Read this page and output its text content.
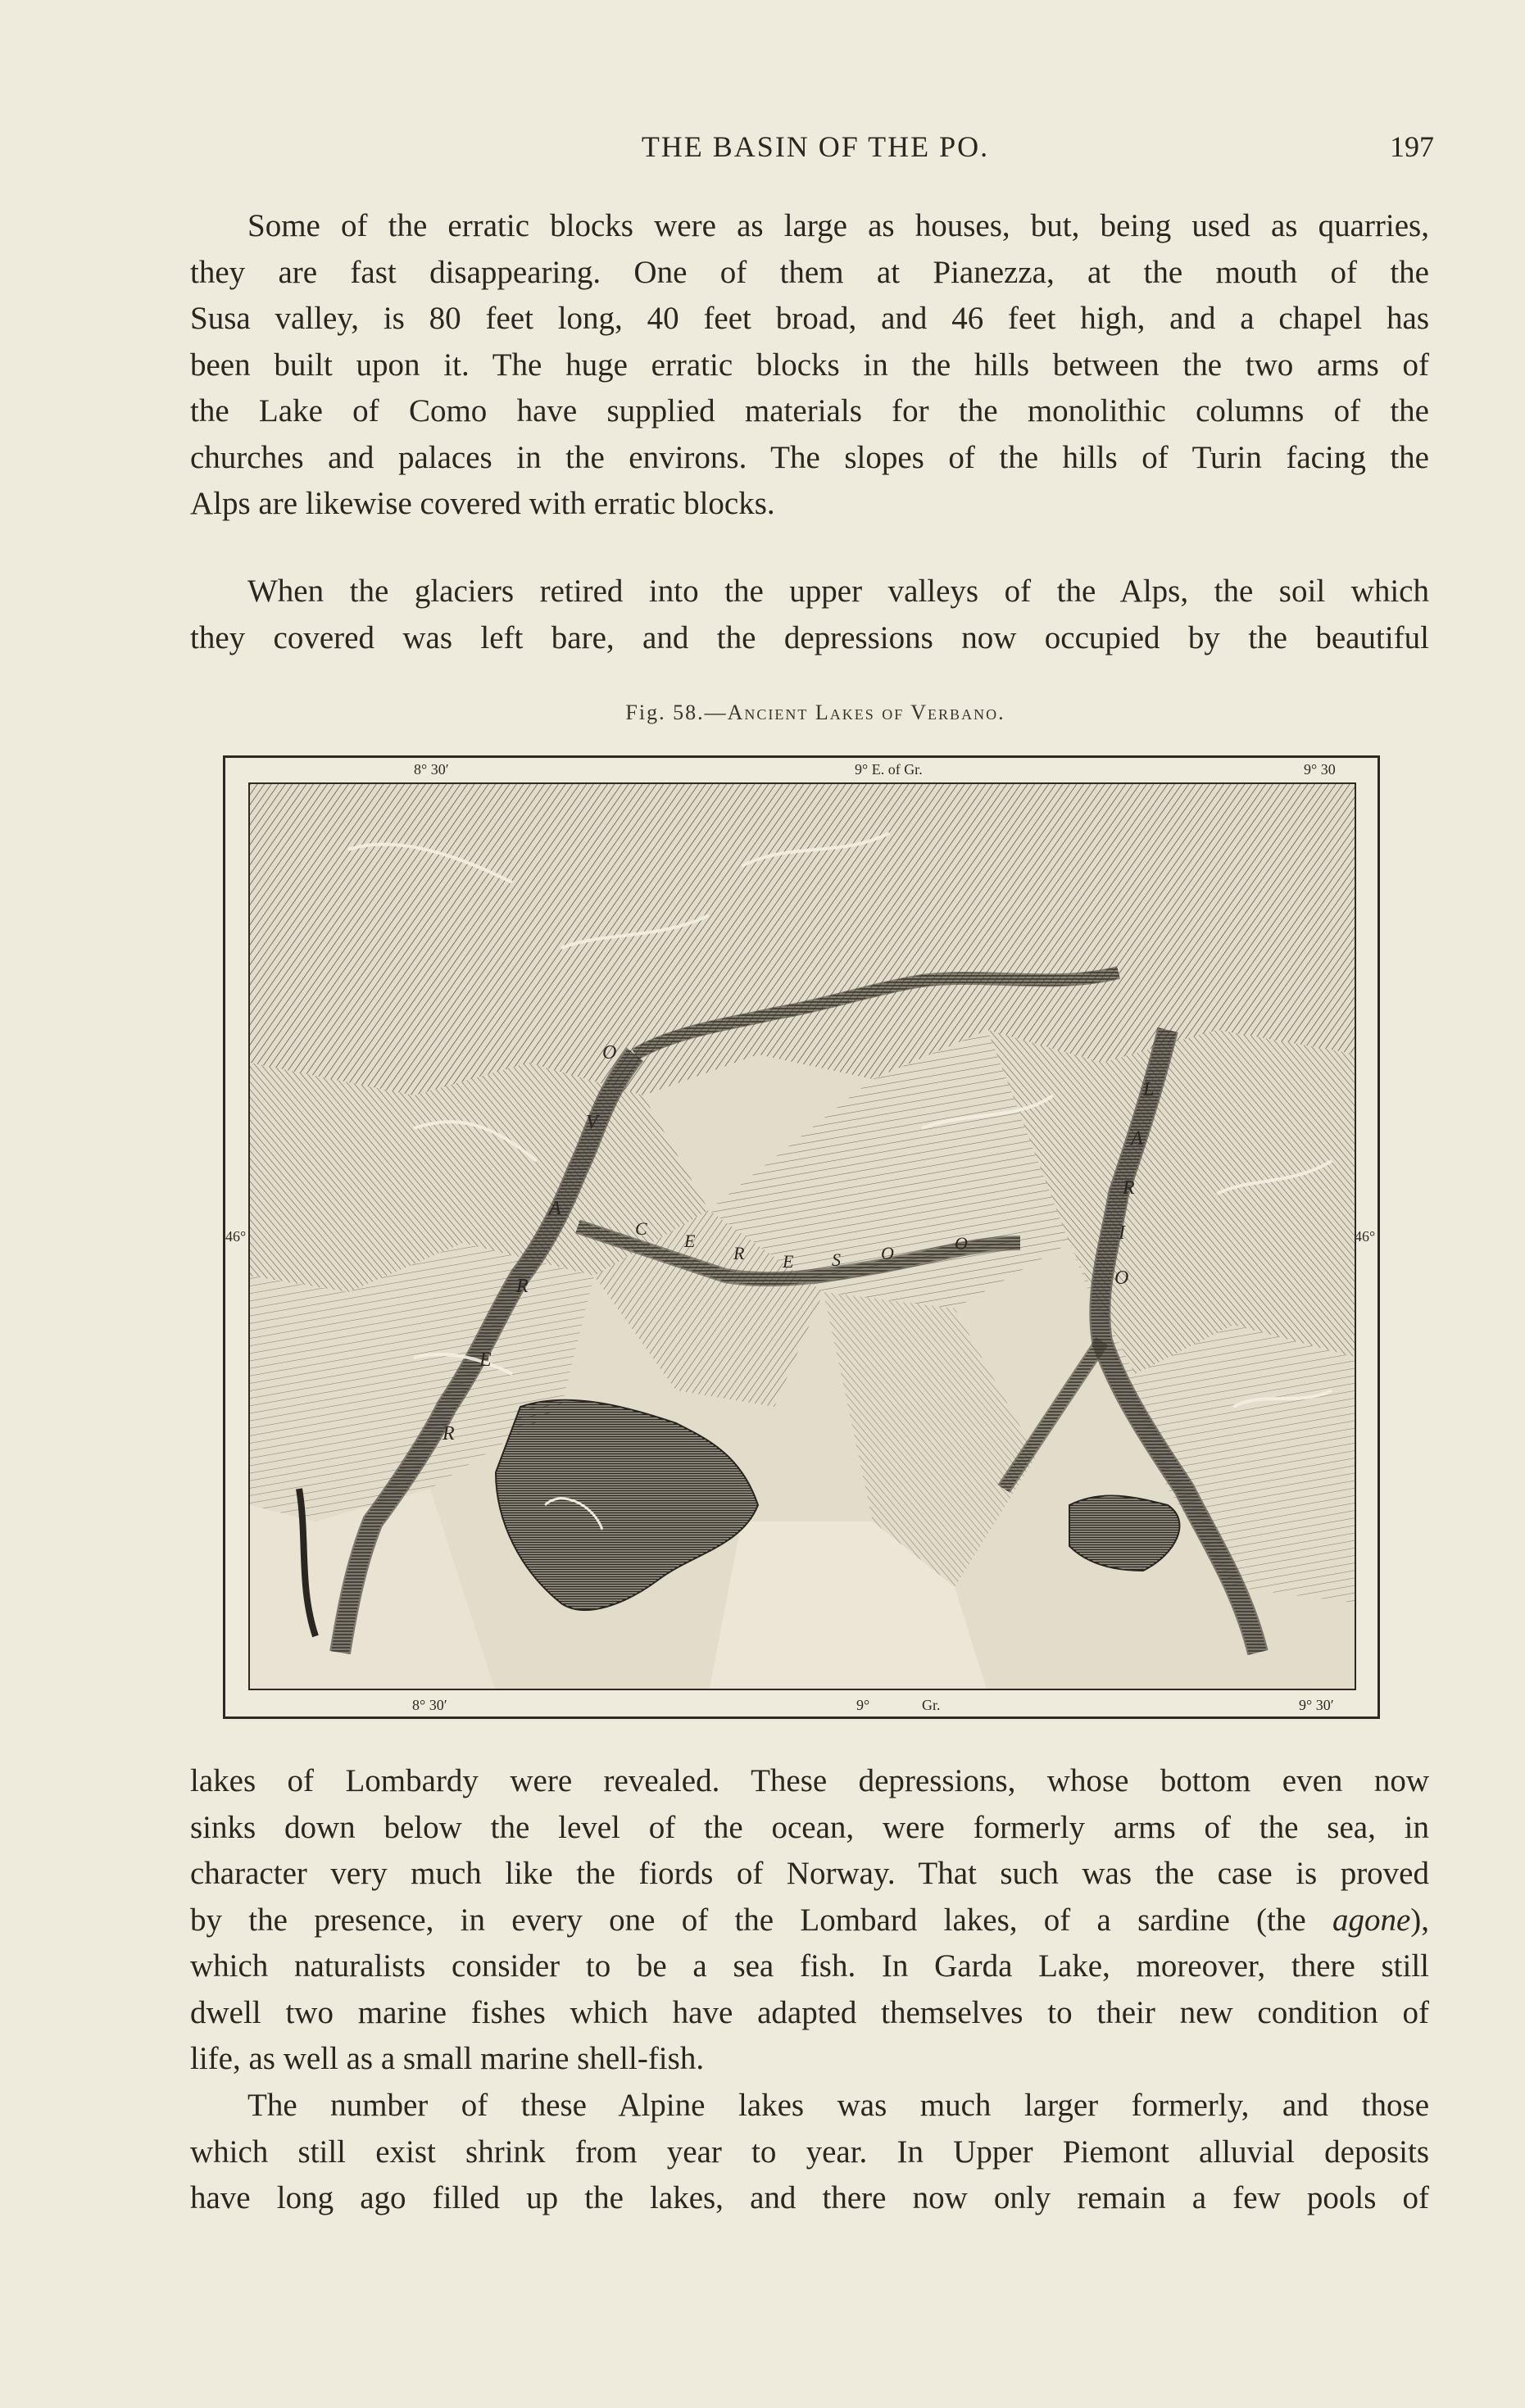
THE BASIN OF THE PO.	197
Some of the erratic blocks were as large as houses, but, being used as quarries,
they are fast disappearing. One of them at Pianezza, at the mouth of the
Susa valley, is 80 feet long, 40 feet broad, and 46 feet high, and a chapel has
been built upon it. The huge erratic blocks in the hills between the two arms of
the Lake of Como have supplied materials for the monolithic columns of the
churches and palaces in the environs. The slopes of the hills of Turin facing the
Alps are likewise covered with erratic blocks.
When the glaciers retired into the upper valleys of the Alps, the soil which
they covered was left bare, and the depressions now occupied by the beautiful
Fig. 58.—Ancient Lakes of Verbano.
8° 30′	9° E. of Gr.	9° 30
46°	46°
8° 30′	9°	Gr.	9° 30′
O
V
A
R
E
R
L
A
R
I
O
C
E
R E S O	O
lakes of Lombardy were revealed. These depressions, whose bottom even now
sinks down below the level of the ocean, were formerly arms of the sea, in
character very much like the fiords of Norway. That such was the case is proved
by the presence, in every one of the Lombard lakes, of a sardine (the agone),
which naturalists consider to be a sea fish. In Garda Lake, moreover, there still
dwell two marine fishes which have adapted themselves to their new condition of
life, as well as a small marine shell-fish.
The number of these Alpine lakes was much larger formerly, and those
which still exist shrink from year to year. In Upper Piemont alluvial deposits
have long ago filled up the lakes, and there now only remain a few pools of
